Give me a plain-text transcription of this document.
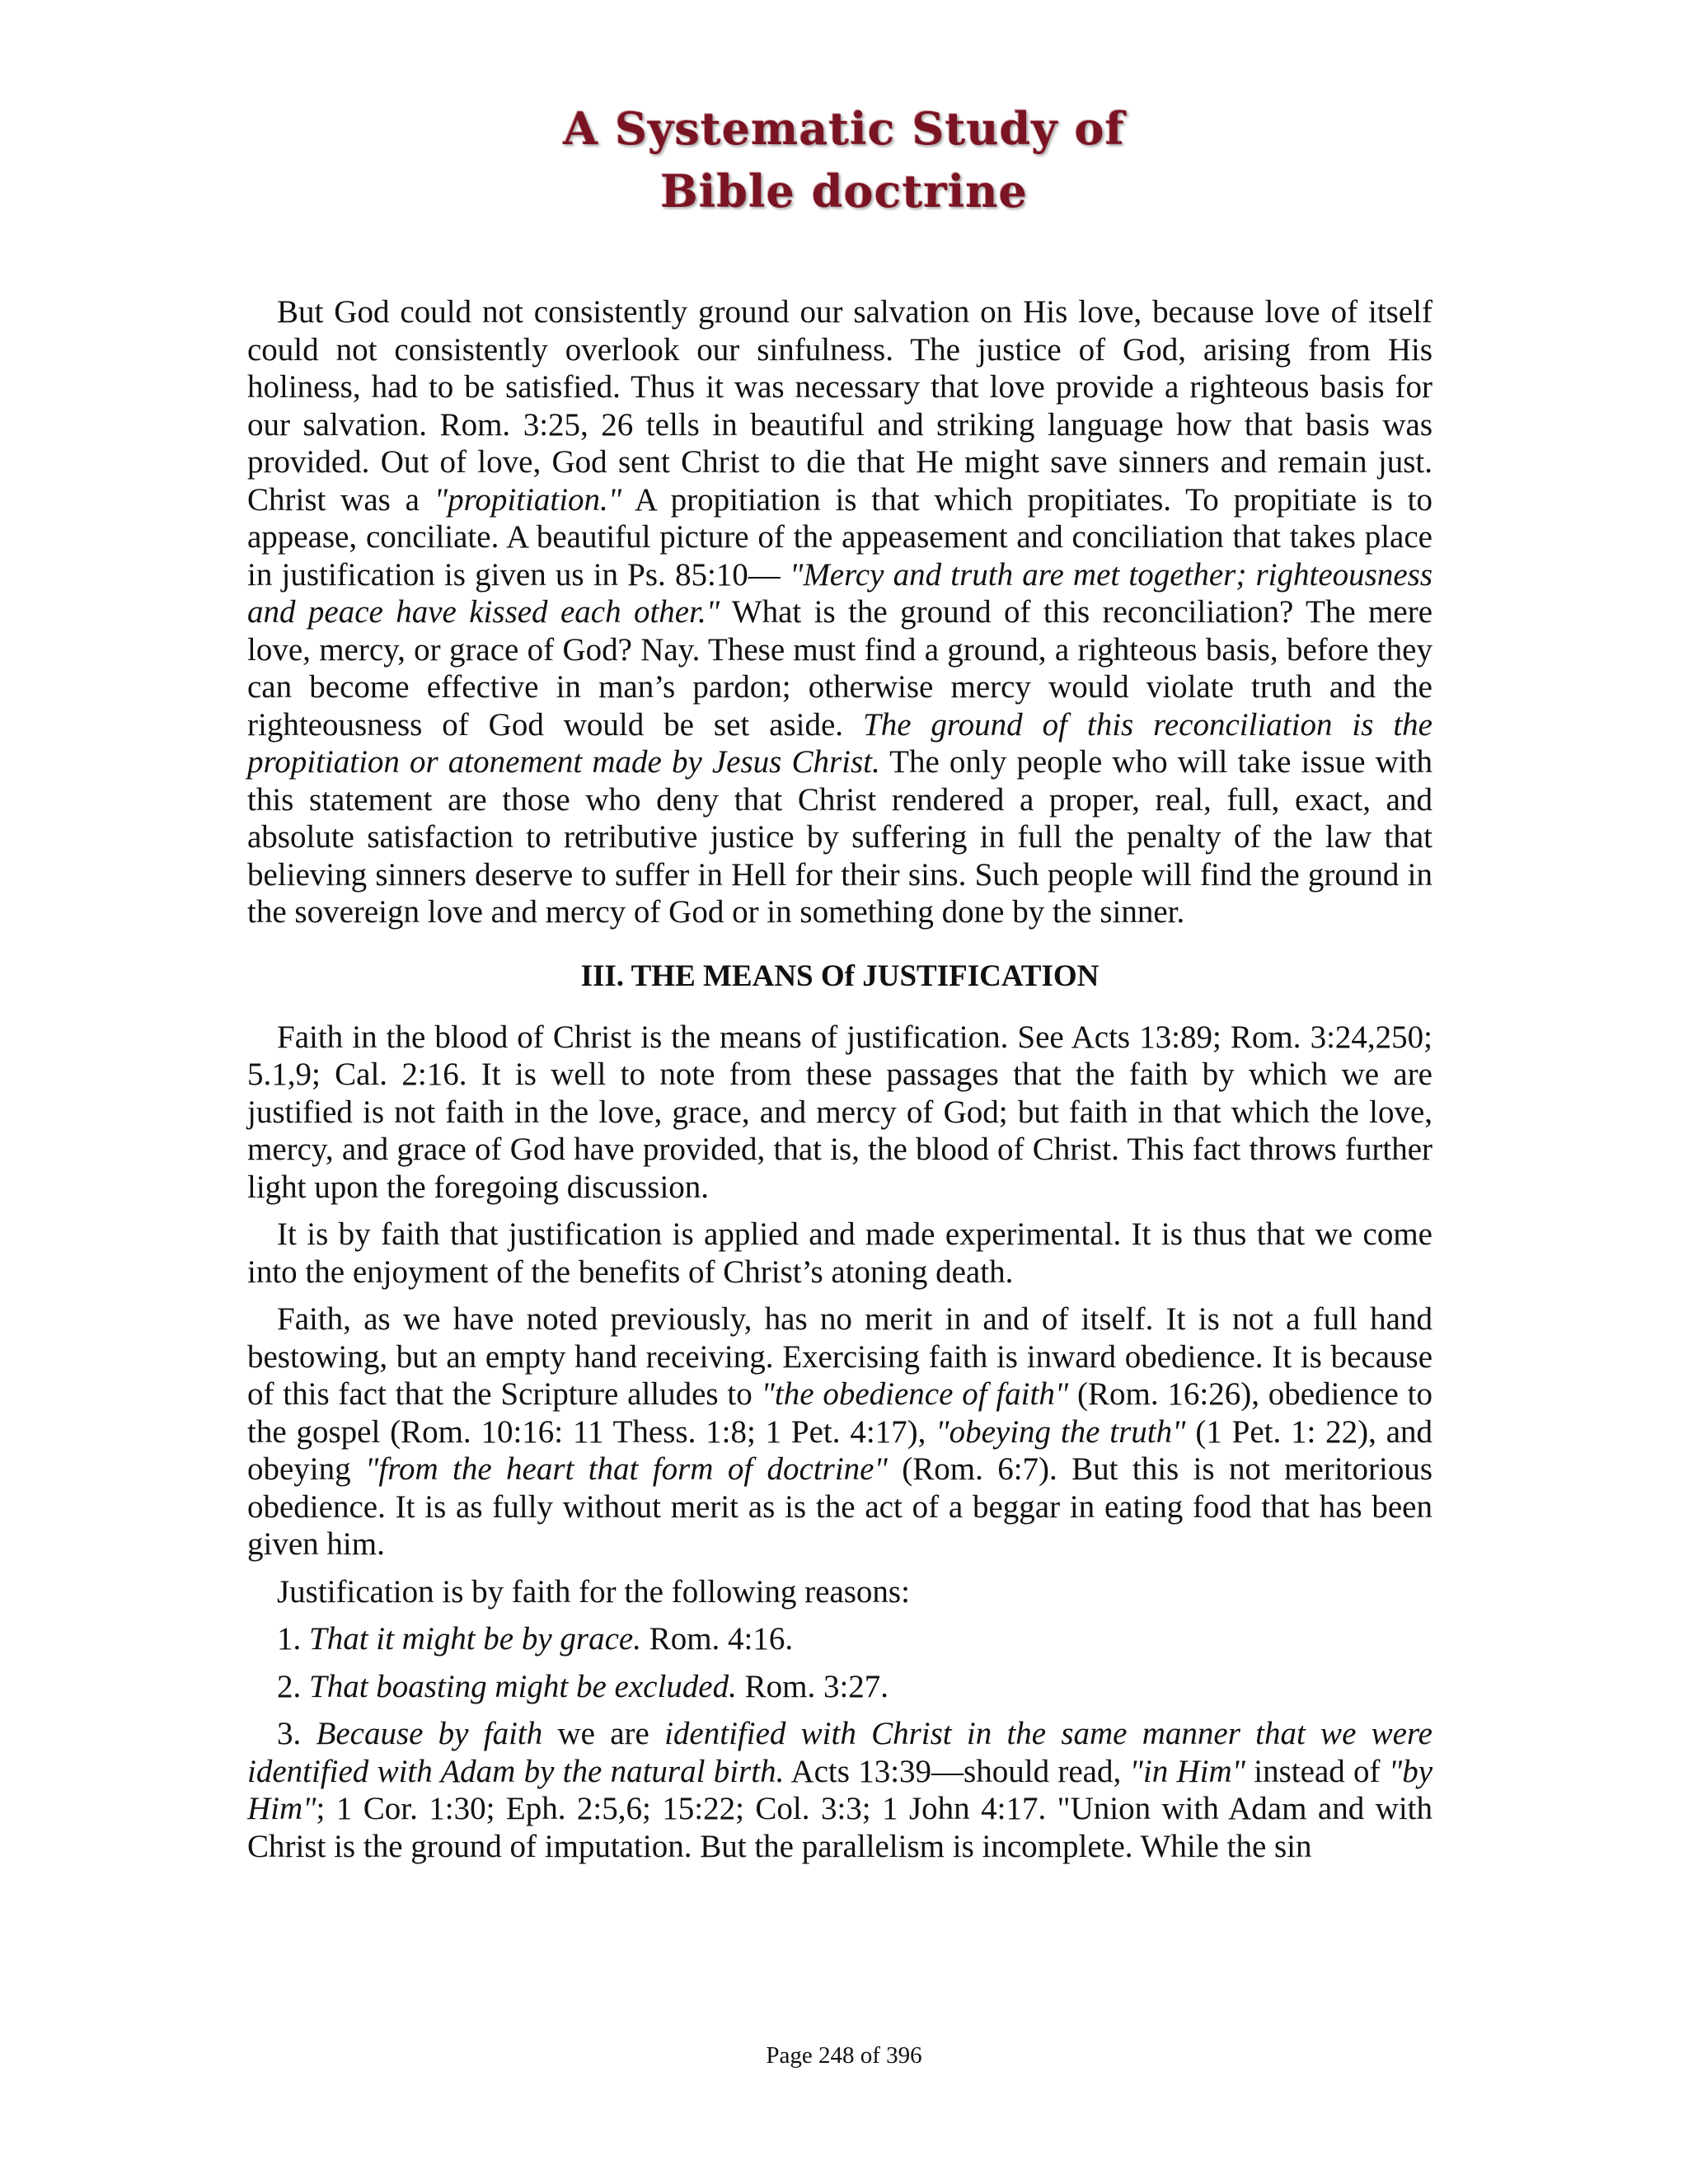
A Systematic Study of
Bible doctrine

But God could not consistently ground our salvation on His love, because love of itself could not consistently overlook our sinfulness. The justice of God, arising from His holiness, had to be satisfied. Thus it was necessary that love provide a righteous basis for our salvation. Rom. 3:25, 26 tells in beautiful and striking language how that basis was provided. Out of love, God sent Christ to die that He might save sinners and remain just. Christ was a "propitiation." A propitiation is that which propitiates. To propitiate is to appease, conciliate. A beautiful picture of the appeasement and conciliation that takes place in justification is given us in Ps. 85:10— "Mercy and truth are met together; righteousness and peace have kissed each other." What is the ground of this reconciliation? The mere love, mercy, or grace of God? Nay. These must find a ground, a righteous basis, before they can become effective in man’s pardon; otherwise mercy would violate truth and the righteousness of God would be set aside. The ground of this reconciliation is the propitiation or atonement made by Jesus Christ. The only people who will take issue with this statement are those who deny that Christ rendered a proper, real, full, exact, and absolute satisfaction to retributive justice by suffering in full the penalty of the law that believing sinners deserve to suffer in Hell for their sins. Such people will find the ground in the sovereign love and mercy of God or in something done by the sinner.

III. THE MEANS Of JUSTIFICATION

Faith in the blood of Christ is the means of justification. See Acts 13:89; Rom. 3:24,250; 5.1,9; Cal. 2:16. It is well to note from these passages that the faith by which we are justified is not faith in the love, grace, and mercy of God; but faith in that which the love, mercy, and grace of God have provided, that is, the blood of Christ. This fact throws further light upon the foregoing discussion.

It is by faith that justification is applied and made experimental. It is thus that we come into the enjoyment of the benefits of Christ’s atoning death.

Faith, as we have noted previously, has no merit in and of itself. It is not a full hand bestowing, but an empty hand receiving. Exercising faith is inward obedience. It is because of this fact that the Scripture alludes to "the obedience of faith" (Rom. 16:26), obedience to the gospel (Rom. 10:16: 11 Thess. 1:8; 1 Pet. 4:17), "obeying the truth" (1 Pet. 1: 22), and obeying "from the heart that form of doctrine" (Rom. 6:7). But this is not meritorious obedience. It is as fully without merit as is the act of a beggar in eating food that has been given him.

Justification is by faith for the following reasons:

1. That it might be by grace. Rom. 4:16.

2. That boasting might be excluded. Rom. 3:27.

3. Because by faith we are identified with Christ in the same manner that we were identified with Adam by the natural birth. Acts 13:39—should read, "in Him" instead of "by Him"; 1 Cor. 1:30; Eph. 2:5,6; 15:22; Col. 3:3; 1 John 4:17. "Union with Adam and with Christ is the ground of imputation. But the parallelism is incomplete. While the sin

Page 248 of 396
